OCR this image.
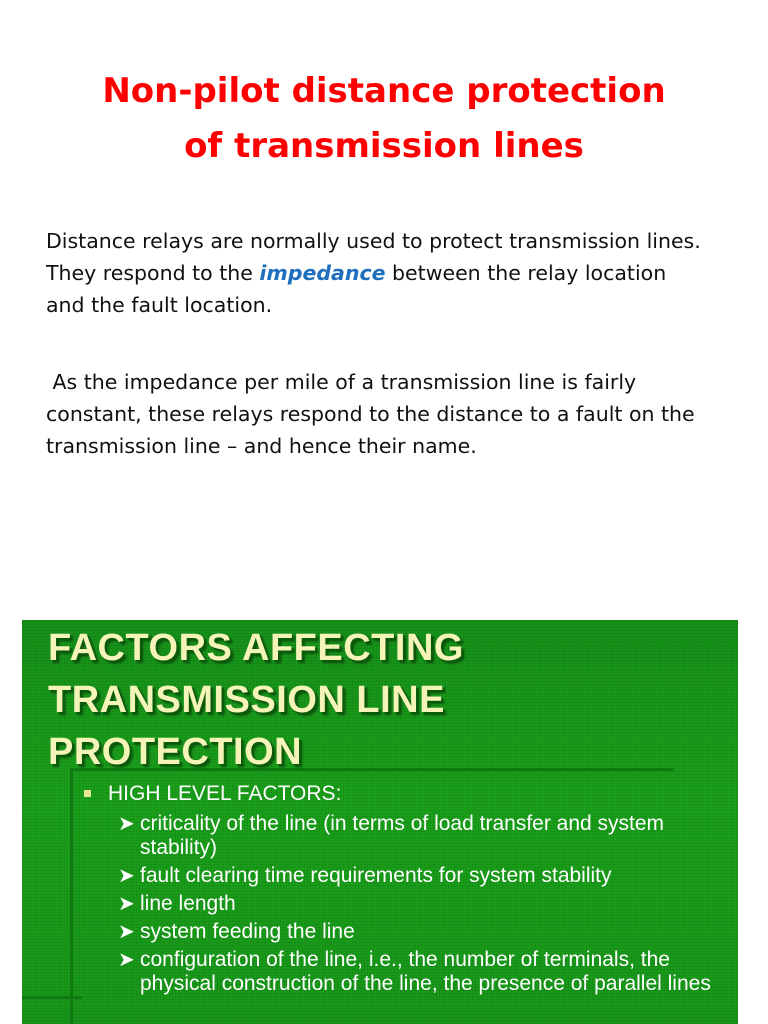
Non-pilot distance protection
of transmission lines
Distance relays are normally used to protect transmission lines.
They respond to the impedance between the relay location
and the fault location.
As the impedance per mile of a transmission line is fairly
constant, these relays respond to the distance to a fault on the
transmission line – and hence their name.
FACTORS AFFECTING
TRANSMISSION LINE
PROTECTION
HIGH LEVEL FACTORS:
➤ criticality of the line (in terms of load transfer and system stability)
➤ fault clearing time requirements for system stability
➤ line length
➤ system feeding the line
➤ configuration of the line, i.e., the number of terminals, the physical construction of the line, the presence of parallel lines
